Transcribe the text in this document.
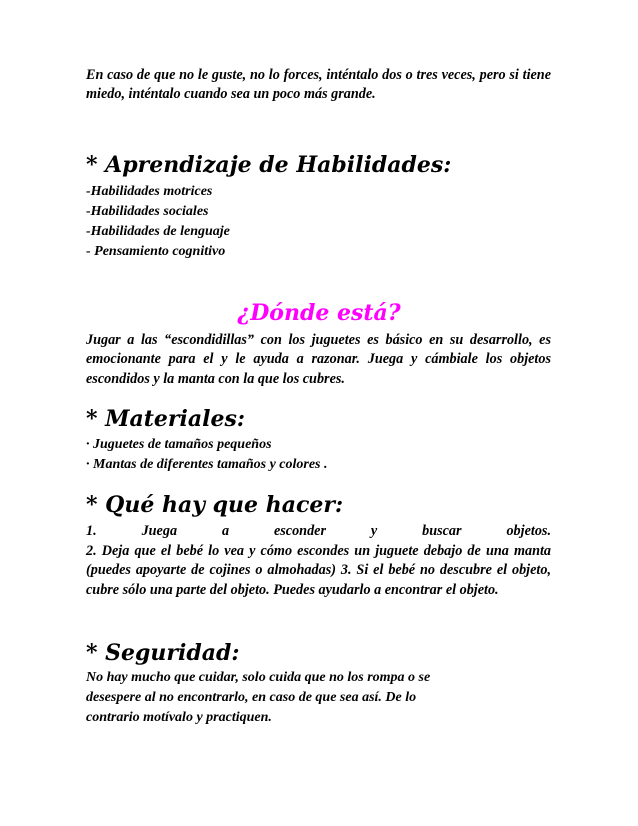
En caso de que no le guste, no lo forces, inténtalo dos o tres veces, pero si tiene miedo, inténtalo cuando sea un poco más grande.

* Aprendizaje de Habilidades:

-Habilidades motrices

-Habilidades sociales

-Habilidades de lenguaje

- Pensamiento cognitivo

¿Dónde está?

Jugar a las “escondidillas” con los juguetes es básico en su desarrollo, es emocionante para el y le ayuda a razonar. Juega y cámbiale los objetos escondidos y la manta con la que los cubres.

* Materiales:

· Juguetes de tamaños pequeños

· Mantas de diferentes tamaños y colores .

* Qué hay que hacer:

1. Juega a esconder y buscar objetos.

2. Deja que el bebé lo vea y cómo escondes un juguete debajo de una manta (puedes apoyarte de cojines o almohadas) 3. Si el bebé no descubre el objeto, cubre sólo una parte del objeto. Puedes ayudarlo a encontrar el objeto.

* Seguridad:

No hay mucho que cuidar, solo cuida que no los rompa o se

desespere al no encontrarlo, en caso de que sea así. De lo

contrario motívalo y practiquen.
